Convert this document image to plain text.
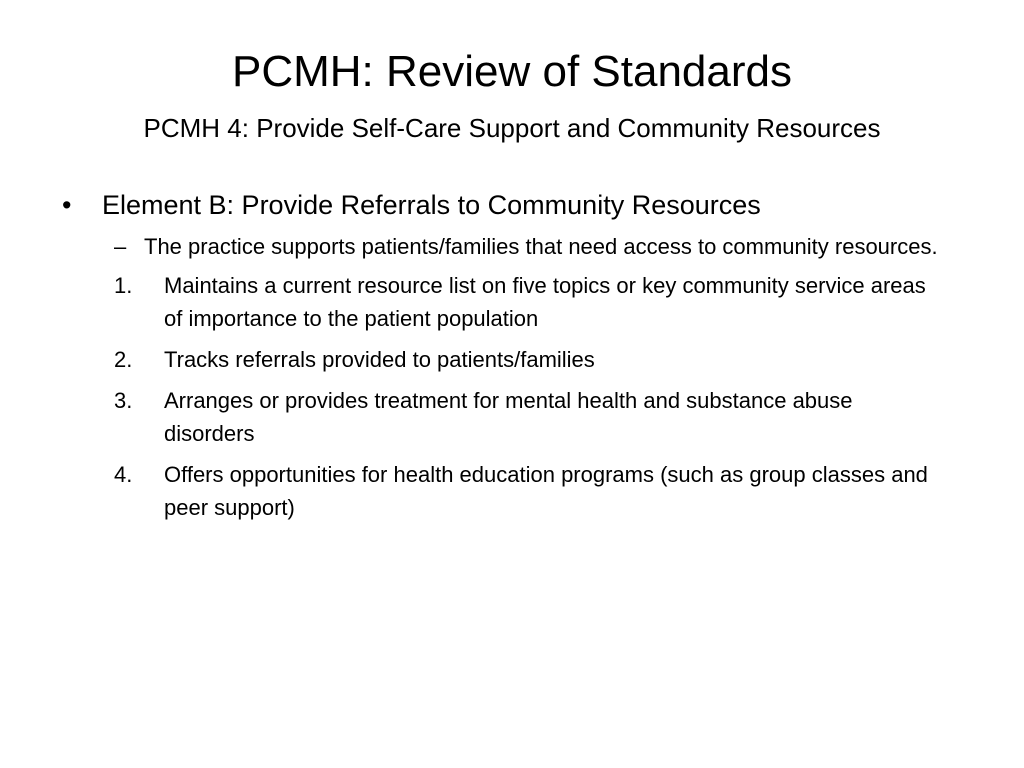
PCMH: Review of Standards
PCMH 4: Provide Self-Care Support and Community Resources
•	Element B: Provide Referrals to Community Resources
– The practice supports patients/families that need access to community resources.
1.	Maintains a current resource list on five topics or key community service areas of importance to the patient population
2.	Tracks referrals provided to patients/families
3.	Arranges or provides treatment for mental health and substance abuse disorders
4.	Offers opportunities for health education programs (such as group classes and peer support)
